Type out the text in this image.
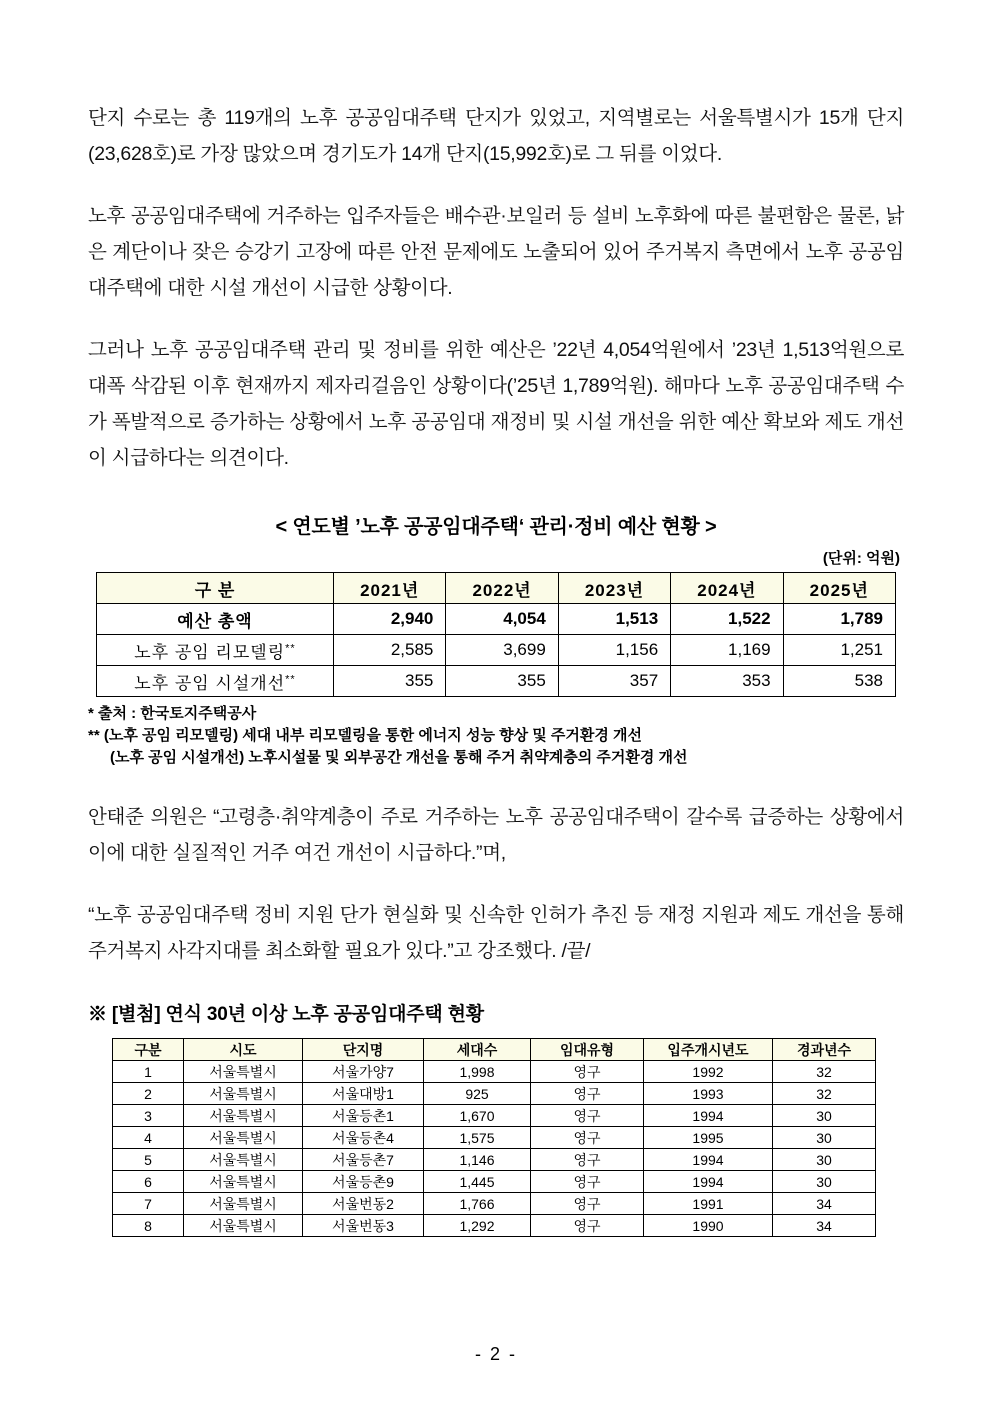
단지 수로는 총 119개의 노후 공공임대주택 단지가 있었고, 지역별로는 서울특별시가 15개 단지(23,628호)로 가장 많았으며 경기도가 14개 단지(15,992호)로 그 뒤를 이었다.

노후 공공임대주택에 거주하는 입주자들은 배수관·보일러 등 설비 노후화에 따른 불편함은 물론, 낡은 계단이나 잦은 승강기 고장에 따른 안전 문제에도 노출되어 있어 주거복지 측면에서 노후 공공임대주택에 대한 시설 개선이 시급한 상황이다.

그러나 노후 공공임대주택 관리 및 정비를 위한 예산은 ’22년 4,054억원에서 ’23년 1,513억원으로 대폭 삭감된 이후 현재까지 제자리걸음인 상황이다(’25년 1,789억원). 해마다 노후 공공임대주택 수가 폭발적으로 증가하는 상황에서 노후 공공임대 재정비 및 시설 개선을 위한 예산 확보와 제도 개선이 시급하다는 의견이다.

< 연도별 ’노후 공공임대주택‘ 관리·정비 예산 현황 >
(단위: 억원)
구 분	2021년	2022년	2023년	2024년	2025년
예산 총액	2,940	4,054	1,513	1,522	1,789
노후 공임 리모델링**	2,585	3,699	1,156	1,169	1,251
노후 공임 시설개선**	355	355	357	353	538
* 출처 : 한국토지주택공사
** (노후 공임 리모델링) 세대 내부 리모델링을 통한 에너지 성능 향상 및 주거환경 개선
(노후 공임 시설개선) 노후시설물 및 외부공간 개선을 통해 주거 취약계층의 주거환경 개선

안태준 의원은 “고령층·취약계층이 주로 거주하는 노후 공공임대주택이 갈수록 급증하는 상황에서 이에 대한 실질적인 거주 여건 개선이 시급하다.”며,

“노후 공공임대주택 정비 지원 단가 현실화 및 신속한 인허가 추진 등 재정 지원과 제도 개선을 통해 주거복지 사각지대를 최소화할 필요가 있다.”고 강조했다. /끝/

※ [별첨] 연식 30년 이상 노후 공공임대주택 현황
구분	시도	단지명	세대수	임대유형	입주개시년도	경과년수
1	서울특별시	서울가양7	1,998	영구	1992	32
2	서울특별시	서울대방1	925	영구	1993	32
3	서울특별시	서울등촌1	1,670	영구	1994	30
4	서울특별시	서울등촌4	1,575	영구	1995	30
5	서울특별시	서울등촌7	1,146	영구	1994	30
6	서울특별시	서울등촌9	1,445	영구	1994	30
7	서울특별시	서울번동2	1,766	영구	1991	34
8	서울특별시	서울번동3	1,292	영구	1990	34
- 2 -
